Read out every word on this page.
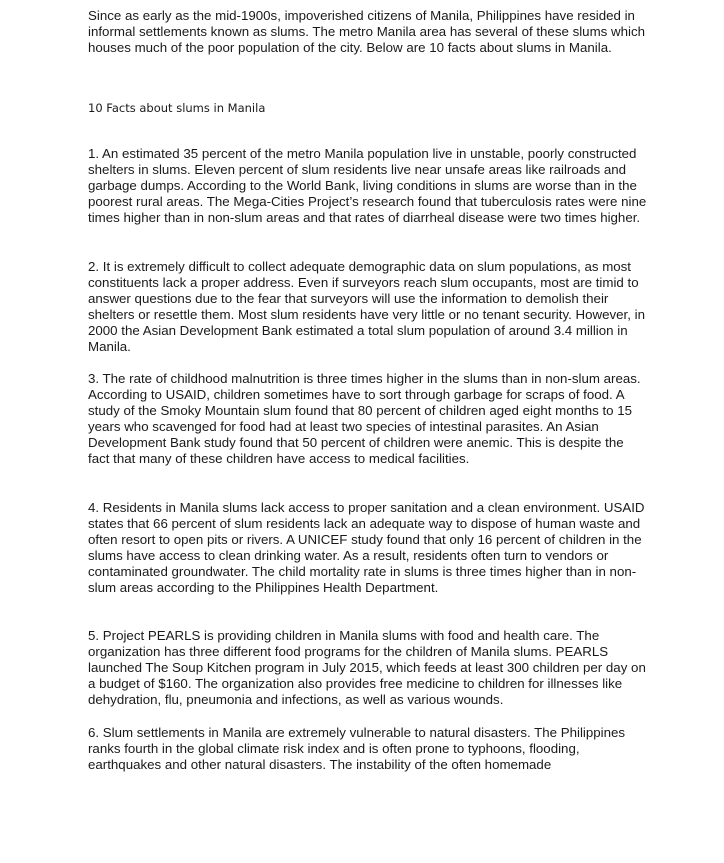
Since as early as the mid-1900s, impoverished citizens of Manila, Philippines have resided in informal settlements known as slums. The metro Manila area has several of these slums which houses much of the poor population of the city. Below are 10 facts about slums in Manila.

10 Facts about slums in Manila

1. An estimated 35 percent of the metro Manila population live in unstable, poorly constructed shelters in slums. Eleven percent of slum residents live near unsafe areas like railroads and garbage dumps. According to the World Bank, living conditions in slums are worse than in the poorest rural areas. The Mega-Cities Project’s research found that tuberculosis rates were nine times higher than in non-slum areas and that rates of diarrheal disease were two times higher.

2. It is extremely difficult to collect adequate demographic data on slum populations, as most constituents lack a proper address. Even if surveyors reach slum occupants, most are timid to answer questions due to the fear that surveyors will use the information to demolish their shelters or resettle them. Most slum residents have very little or no tenant security. However, in 2000 the Asian Development Bank estimated a total slum population of around 3.4 million in Manila.

3. The rate of childhood malnutrition is three times higher in the slums than in non-slum areas. According to USAID, children sometimes have to sort through garbage for scraps of food. A study of the Smoky Mountain slum found that 80 percent of children aged eight months to 15 years who scavenged for food had at least two species of intestinal parasites. An Asian Development Bank study found that 50 percent of children were anemic. This is despite the fact that many of these children have access to medical facilities.

4. Residents in Manila slums lack access to proper sanitation and a clean environment. USAID states that 66 percent of slum residents lack an adequate way to dispose of human waste and often resort to open pits or rivers. A UNICEF study found that only 16 percent of children in the slums have access to clean drinking water. As a result, residents often turn to vendors or contaminated groundwater. The child mortality rate in slums is three times higher than in non-slum areas according to the Philippines Health Department.

5. Project PEARLS is providing children in Manila slums with food and health care. The organization has three different food programs for the children of Manila slums. PEARLS launched The Soup Kitchen program in July 2015, which feeds at least 300 children per day on a budget of $160. The organization also provides free medicine to children for illnesses like dehydration, flu, pneumonia and infections, as well as various wounds.

6. Slum settlements in Manila are extremely vulnerable to natural disasters. The Philippines ranks fourth in the global climate risk index and is often prone to typhoons, flooding, earthquakes and other natural disasters. The instability of the often homemade
